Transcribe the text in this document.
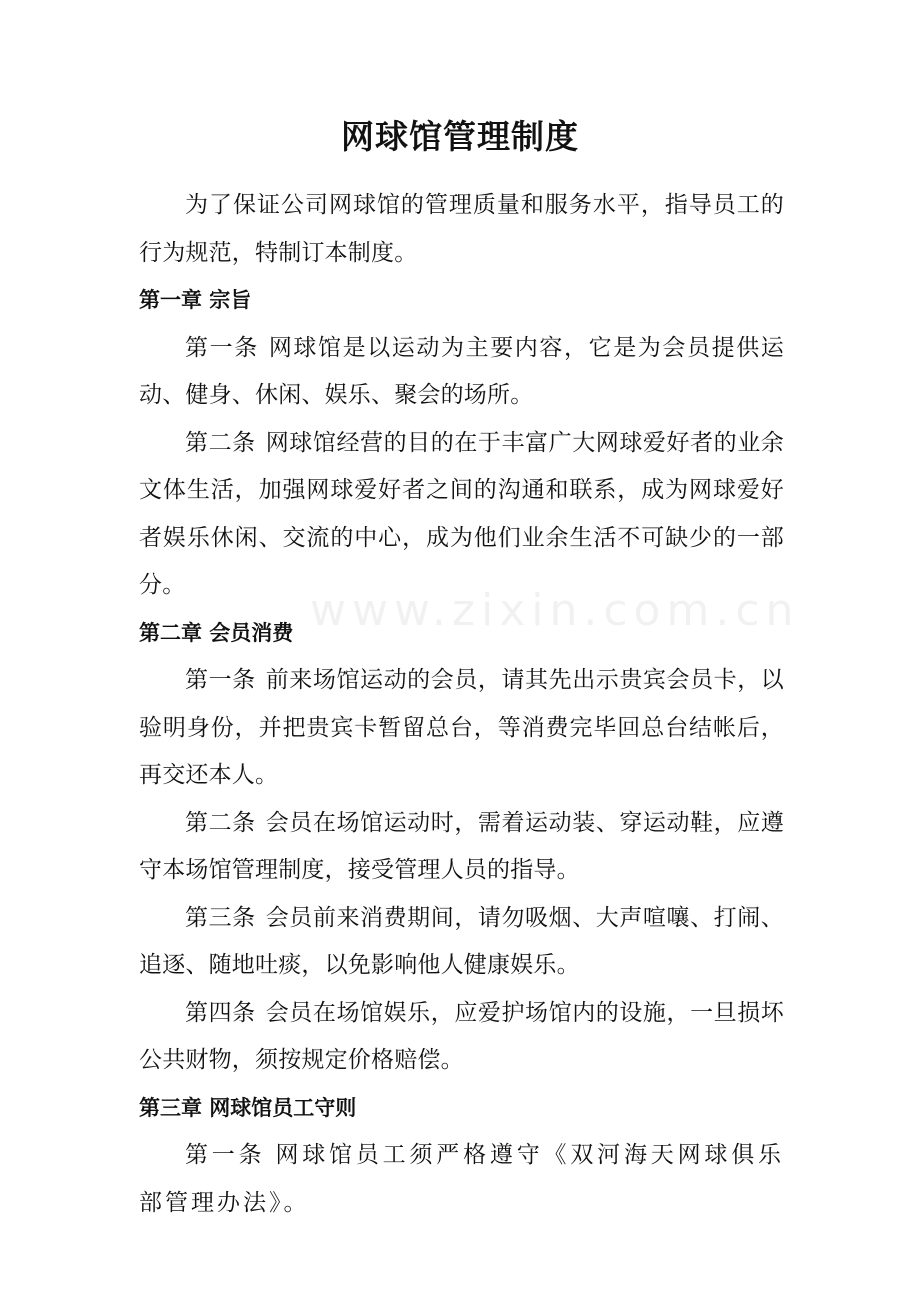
网球馆管理制度

为了保证公司网球馆的管理质量和服务水平，指导员工的行为规范，特制订本制度。

第一章 宗旨

第一条 网球馆是以运动为主要内容，它是为会员提供运动、健身、休闲、娱乐、聚会的场所。

第二条 网球馆经营的目的在于丰富广大网球爱好者的业余文体生活，加强网球爱好者之间的沟通和联系，成为网球爱好者娱乐休闲、交流的中心，成为他们业余生活不可缺少的一部分。

第二章 会员消费

第一条 前来场馆运动的会员，请其先出示贵宾会员卡，以验明身份，并把贵宾卡暂留总台，等消费完毕回总台结帐后，再交还本人。

第二条 会员在场馆运动时，需着运动装、穿运动鞋，应遵守本场馆管理制度，接受管理人员的指导。

第三条 会员前来消费期间，请勿吸烟、大声喧嚷、打闹、追逐、随地吐痰，以免影响他人健康娱乐。

第四条 会员在场馆娱乐，应爱护场馆内的设施，一旦损坏公共财物，须按规定价格赔偿。

第三章 网球馆员工守则

第一条 网球馆员工须严格遵守《双河海天网球俱乐部管理办法》。

www.zixin.com.cn
